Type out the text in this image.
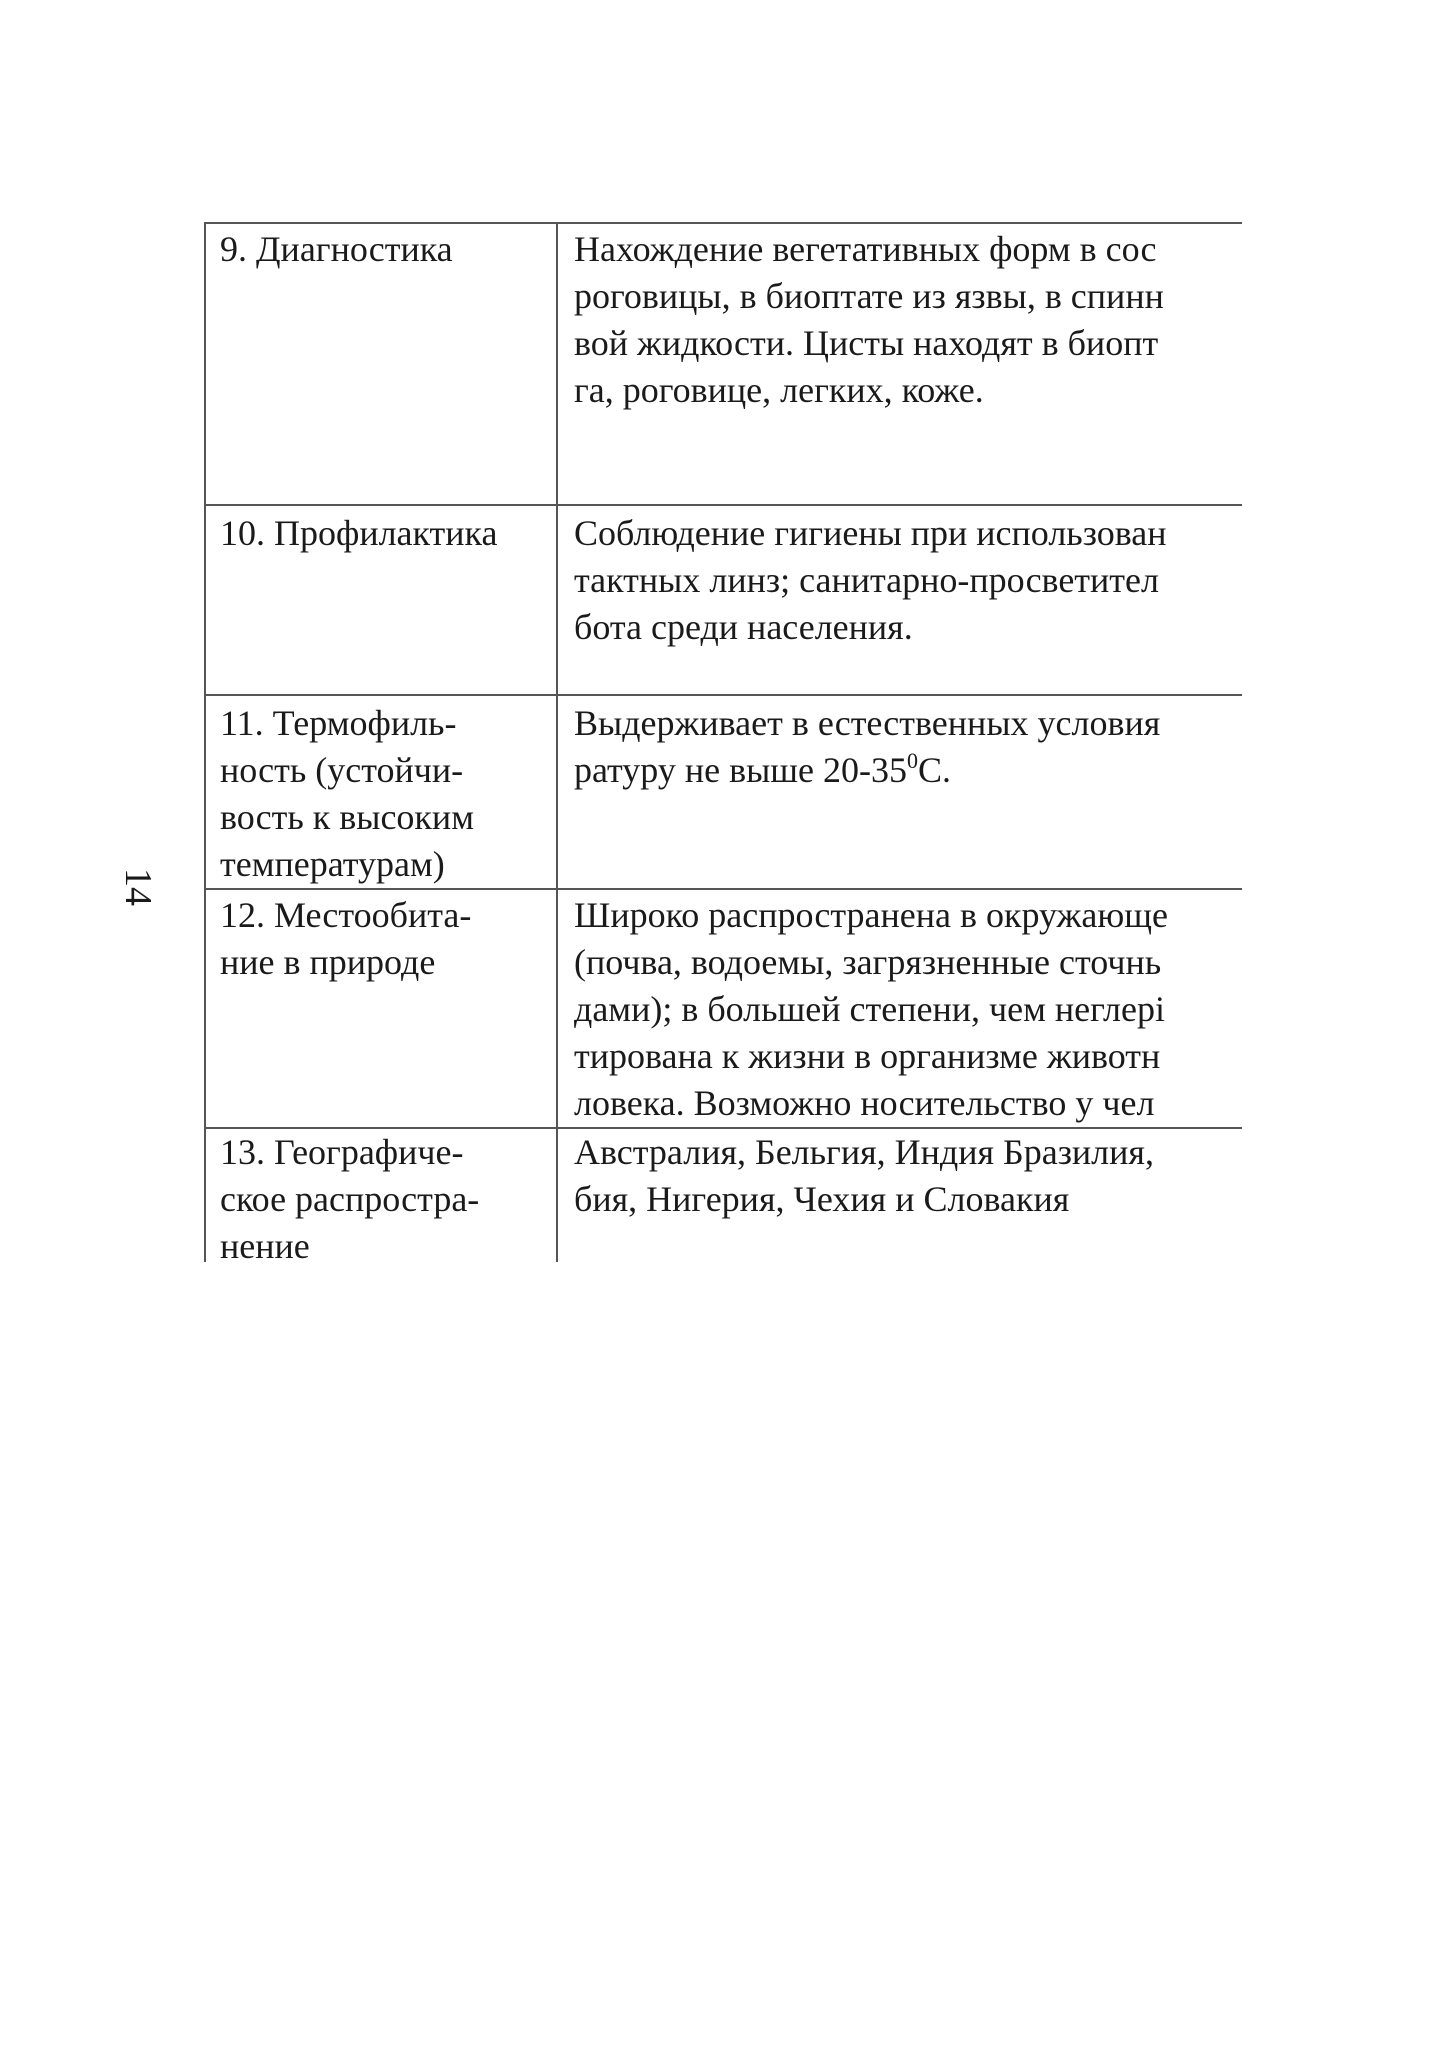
14
9. Диагностика	Нахождение вегетативных форм в сос
роговицы, в биоптате из язвы, в спинн
вой жидкости. Цисты находят в биопт
га, роговице, легких, коже.

10. Профилактика	Соблюдение гигиены при использован
тактных линз; санитарно-просветител
бота среди населения.

11. Термофиль-
ность (устойчи-
вость к высоким
температурам)	Выдерживает в естественных условия
ратуру не выше $20-35^0С$.

12. Местообита-
ние в природе	Широко распространена в окружающе
(почва, водоемы, загрязненные сточнь
дами); в большей степени, чем неглері
тирована к жизни в организме животн
ловека. Возможно носительство у чел

13. Географиче-
ское распростра-
нение	Австралия, Бельгия, Индия Бразилия,
бия, Нигерия, Чехия и Словакия
